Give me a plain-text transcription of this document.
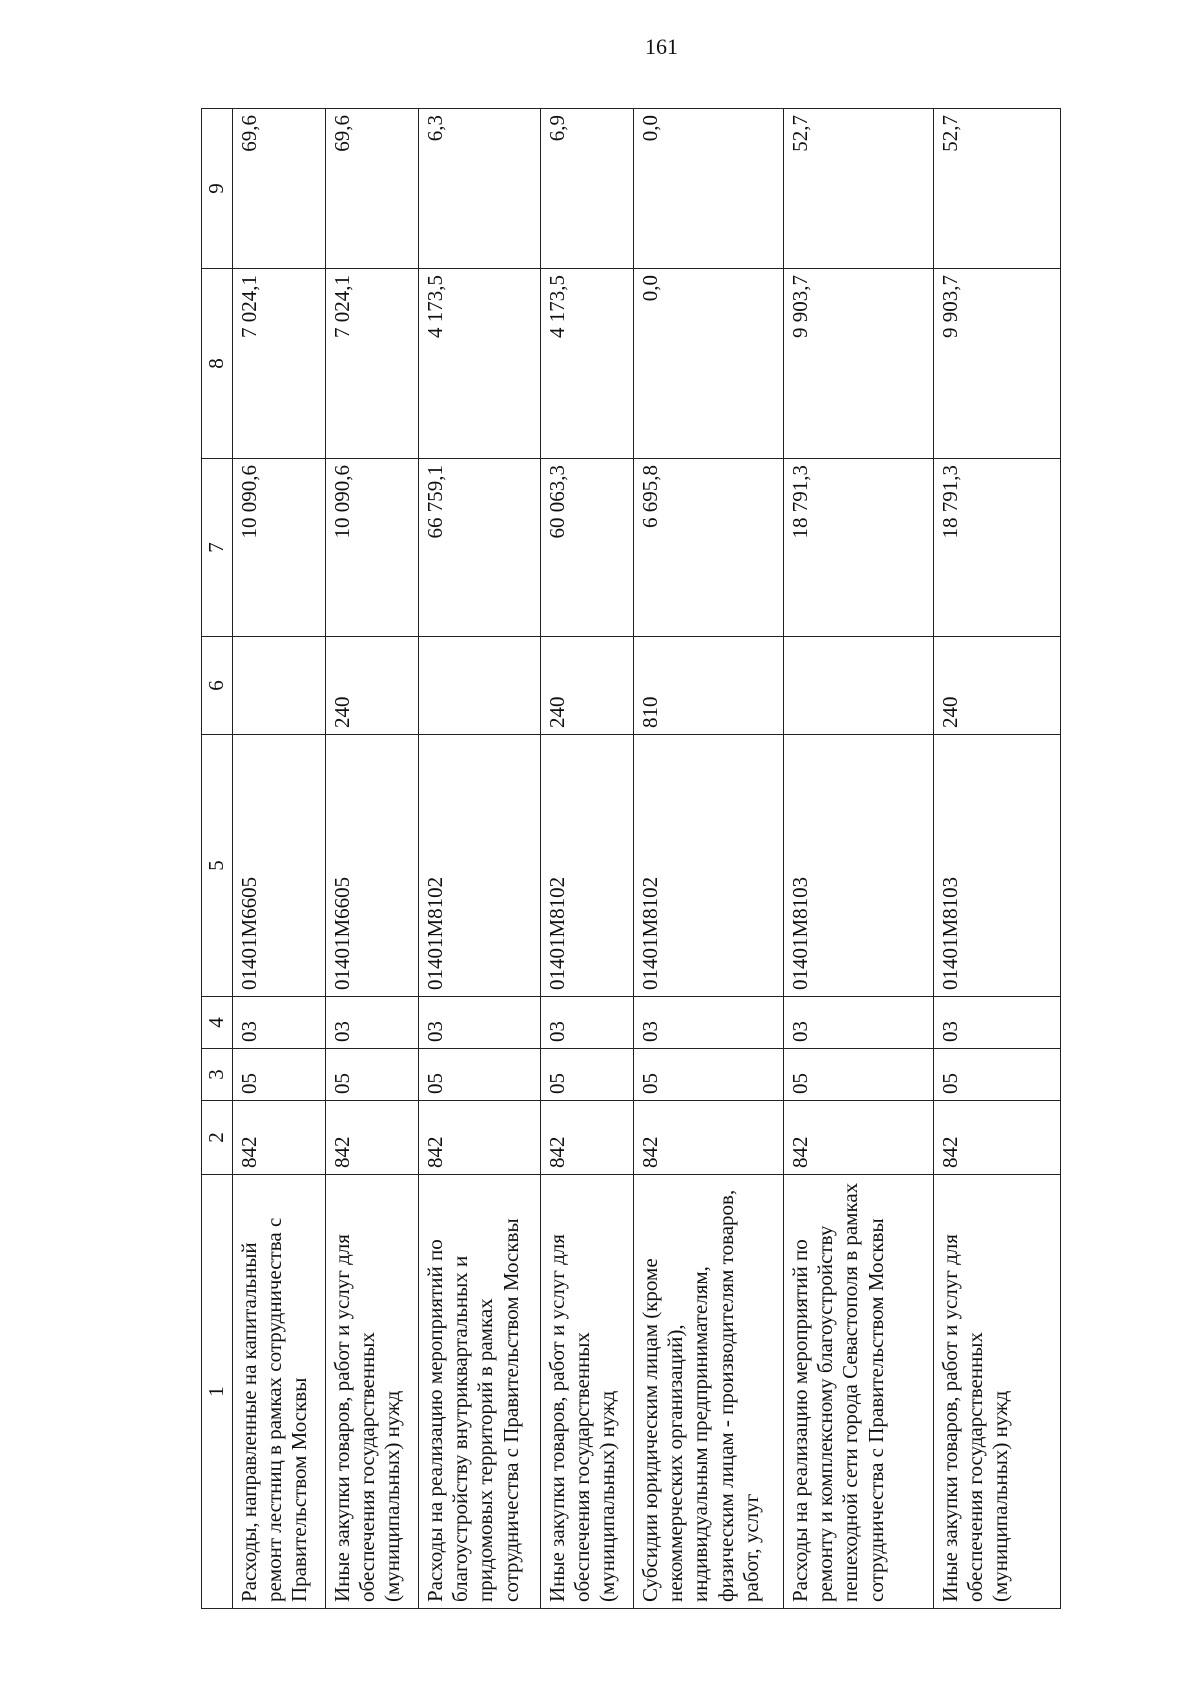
161
1	2	3	4	5	6	7	8	9
Расходы, направленные на капитальный ремонт лестниц в рамках сотрудничества с Правительством Москвы	842	05	03	01401М6605		10 090,6	7 024,1	69,6
Иные закупки товаров, работ и услуг для обеспечения государственных (муниципальных) нужд	842	05	03	01401М6605	240	10 090,6	7 024,1	69,6
Расходы на реализацию мероприятий по благоустройству внутриквартальных и придомовых территорий в рамках сотрудничества с Правительством Москвы	842	05	03	01401М8102		66 759,1	4 173,5	6,3
Иные закупки товаров, работ и услуг для обеспечения государственных (муниципальных) нужд	842	05	03	01401М8102	240	60 063,3	4 173,5	6,9
Субсидии юридическим лицам (кроме некоммерческих организаций), индивидуальным предпринимателям, физическим лицам - производителям товаров, работ, услуг	842	05	03	01401М8102	810	6 695,8	0,0	0,0
Расходы на реализацию мероприятий по ремонту и комплексному благоустройству пешеходной сети города Севастополя в рамках сотрудничества с Правительством Москвы	842	05	03	01401М8103		18 791,3	9 903,7	52,7
Иные закупки товаров, работ и услуг для обеспечения государственных (муниципальных) нужд	842	05	03	01401М8103	240	18 791,3	9 903,7	52,7
